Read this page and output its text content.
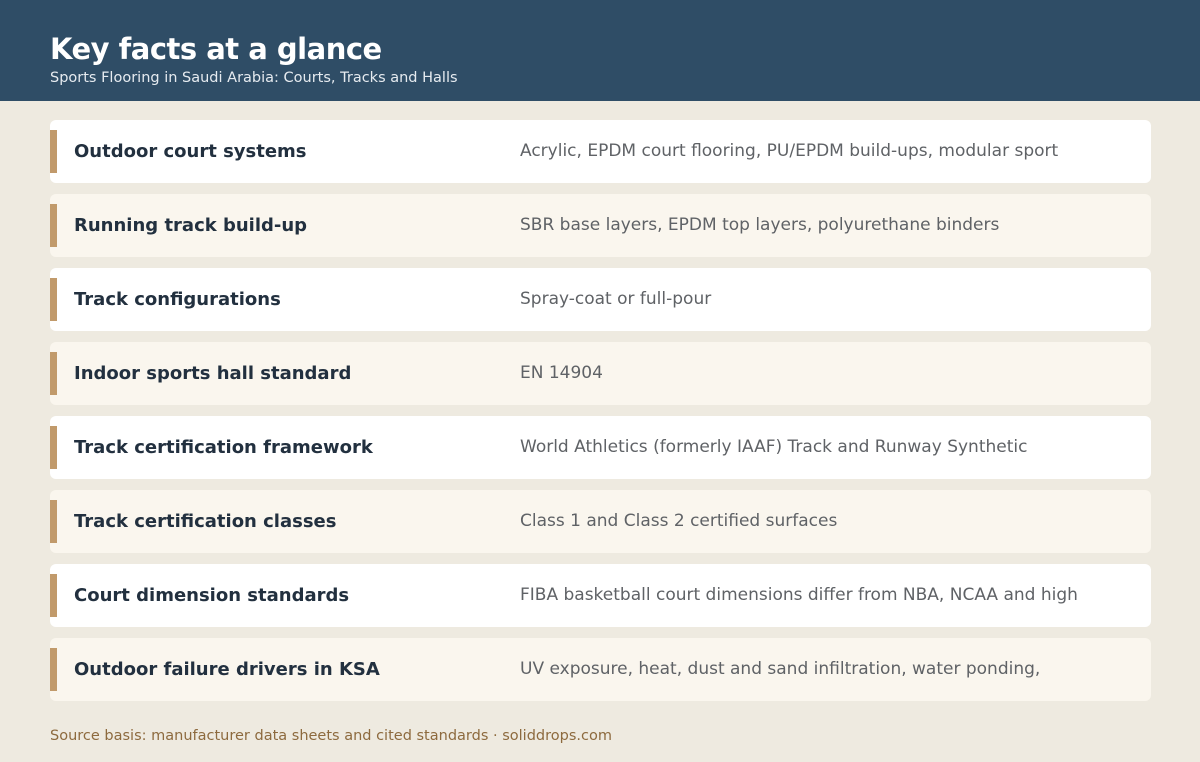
Key facts at a glance
Sports Flooring in Saudi Arabia: Courts, Tracks and Halls
Outdoor court systems	Acrylic, EPDM court flooring, PU/EPDM build-ups, modular sport
Running track build-up	SBR base layers, EPDM top layers, polyurethane binders
Track configurations	Spray-coat or full-pour
Indoor sports hall standard	EN 14904
Track certification framework	World Athletics (formerly IAAF) Track and Runway Synthetic
Track certification classes	Class 1 and Class 2 certified surfaces
Court dimension standards	FIBA basketball court dimensions differ from NBA, NCAA and high
Outdoor failure drivers in KSA	UV exposure, heat, dust and sand infiltration, water ponding,
Source basis: manufacturer data sheets and cited standards · soliddrops.com
